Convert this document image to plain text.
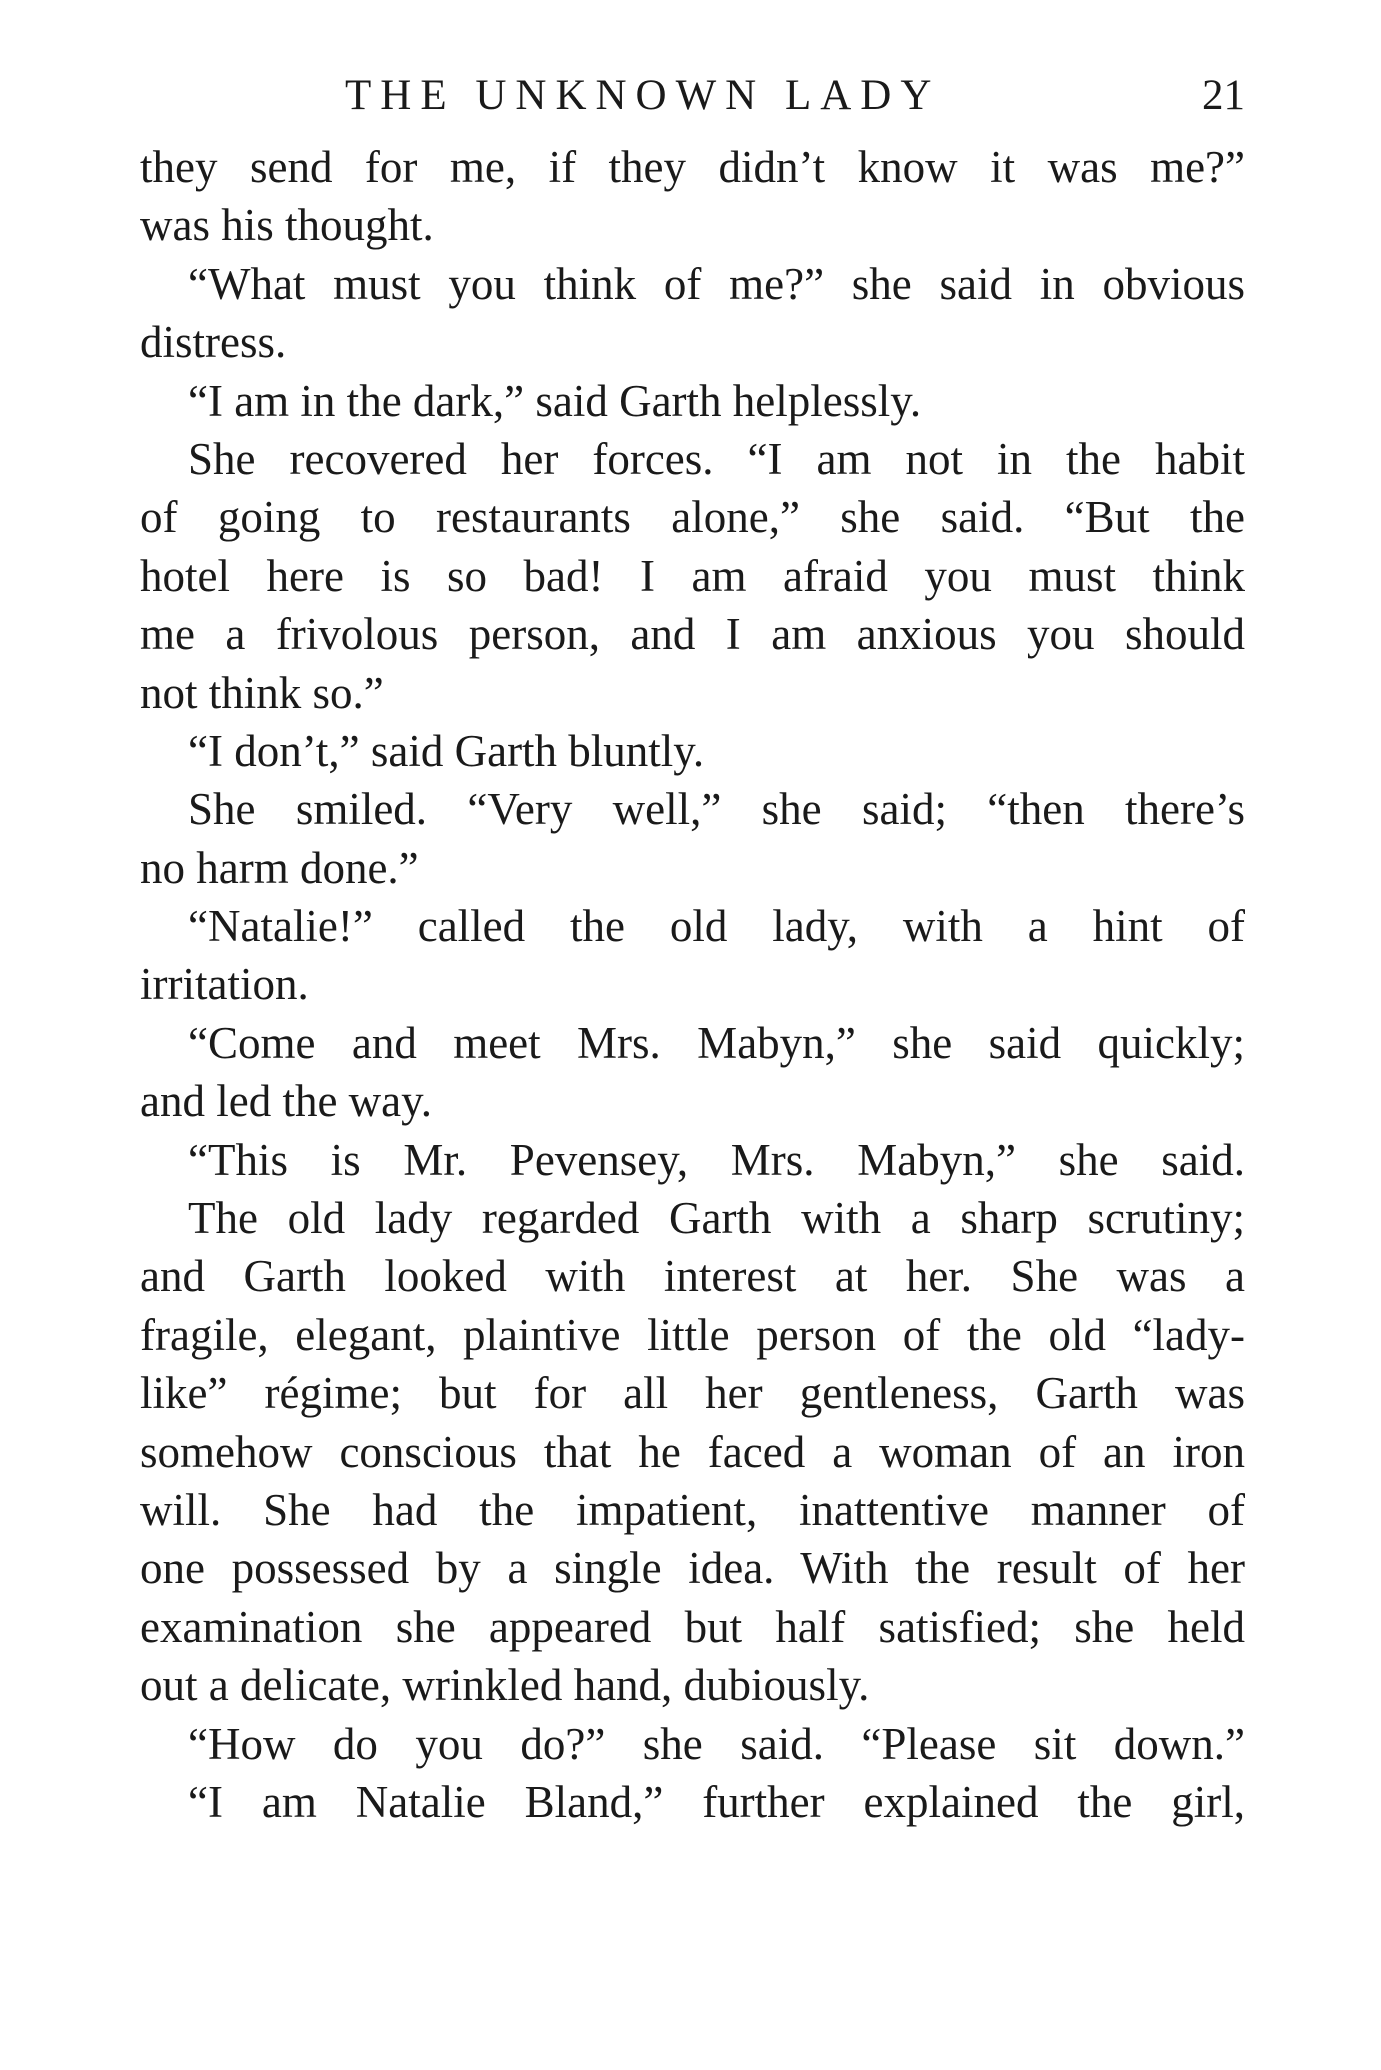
THE UNKNOWN LADY	21
they send for me, if they didn’t know it was me?”
was his thought.
“What must you think of me?” she said in obvious
distress.
“I am in the dark,” said Garth helplessly.
She recovered her forces. “I am not in the habit
of going to restaurants alone,” she said. “But the
hotel here is so bad! I am afraid you must think
me a frivolous person, and I am anxious you should
not think so.”
“I don’t,” said Garth bluntly.
She smiled. “Very well,” she said; “then there’s
no harm done.”
“Natalie!” called the old lady, with a hint of
irritation.
“Come and meet Mrs. Mabyn,” she said quickly;
and led the way.
“This is Mr. Pevensey, Mrs. Mabyn,” she said.
The old lady regarded Garth with a sharp scrutiny;
and Garth looked with interest at her. She was a
fragile, elegant, plaintive little person of the old “lady-
like” régime; but for all her gentleness, Garth was
somehow conscious that he faced a woman of an iron
will. She had the impatient, inattentive manner of
one possessed by a single idea. With the result of her
examination she appeared but half satisfied; she held
out a delicate, wrinkled hand, dubiously.
“How do you do?” she said. “Please sit down.”
“I am Natalie Bland,” further explained the girl,
